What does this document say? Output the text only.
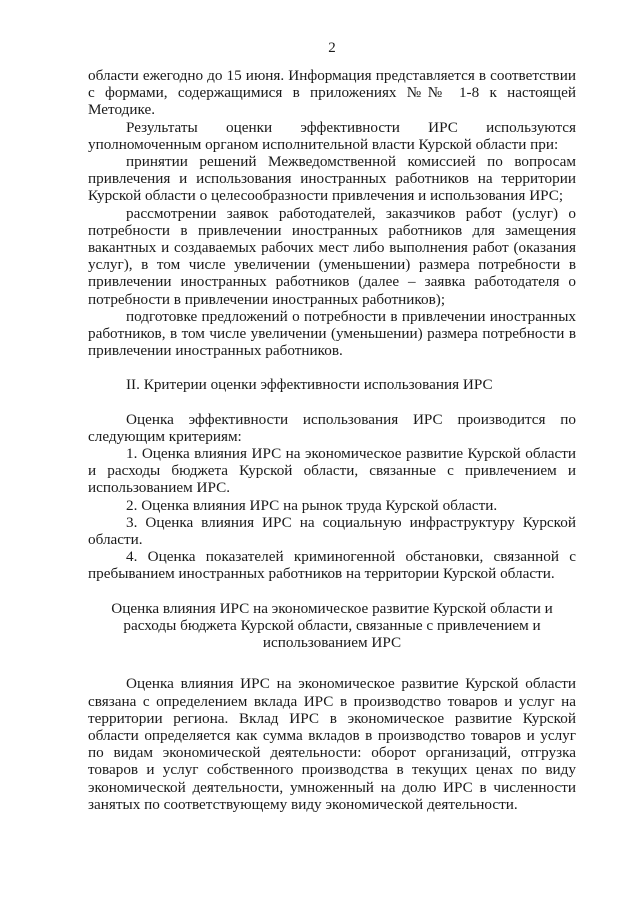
2

области ежегодно до 15 июня. Информация представляется в соответствии с формами, содержащимися в приложениях №№ 1-8 к настоящей Методике.

Результаты оценки эффективности ИРС используются уполномоченным органом исполнительной власти Курской области при:

принятии решений Межведомственной комиссией по вопросам привлечения и использования иностранных работников на территории Курской области о целесообразности привлечения и использования ИРС;

рассмотрении заявок работодателей, заказчиков работ (услуг) о потребности в привлечении иностранных работников для замещения вакантных и создаваемых рабочих мест либо выполнения работ (оказания услуг), в том числе увеличении (уменьшении) размера потребности в привлечении иностранных работников (далее – заявка работодателя о потребности в привлечении иностранных работников);

подготовке предложений о потребности в привлечении иностранных работников, в том числе увеличении (уменьшении) размера потребности в привлечении иностранных работников.

II. Критерии оценки эффективности использования ИРС

Оценка эффективности использования ИРС производится по следующим критериям:

1. Оценка влияния ИРС на экономическое развитие Курской области и расходы бюджета Курской области, связанные с привлечением и использованием ИРС.

2. Оценка влияния ИРС на рынок труда Курской области.

3. Оценка влияния ИРС на социальную инфраструктуру Курской области.

4. Оценка показателей криминогенной обстановки, связанной с пребыванием иностранных работников на территории Курской области.

Оценка влияния ИРС на экономическое развитие Курской области и
расходы бюджета Курской области, связанные с привлечением и
использованием ИРС

Оценка влияния ИРС на экономическое развитие Курской области связана с определением вклада ИРС в производство товаров и услуг на территории региона. Вклад ИРС в экономическое развитие Курской области определяется как сумма вкладов в производство товаров и услуг по видам экономической деятельности: оборот организаций, отгрузка товаров и услуг собственного производства в текущих ценах по виду экономической деятельности, умноженный на долю ИРС в численности занятых по соответствующему виду экономической деятельности.
